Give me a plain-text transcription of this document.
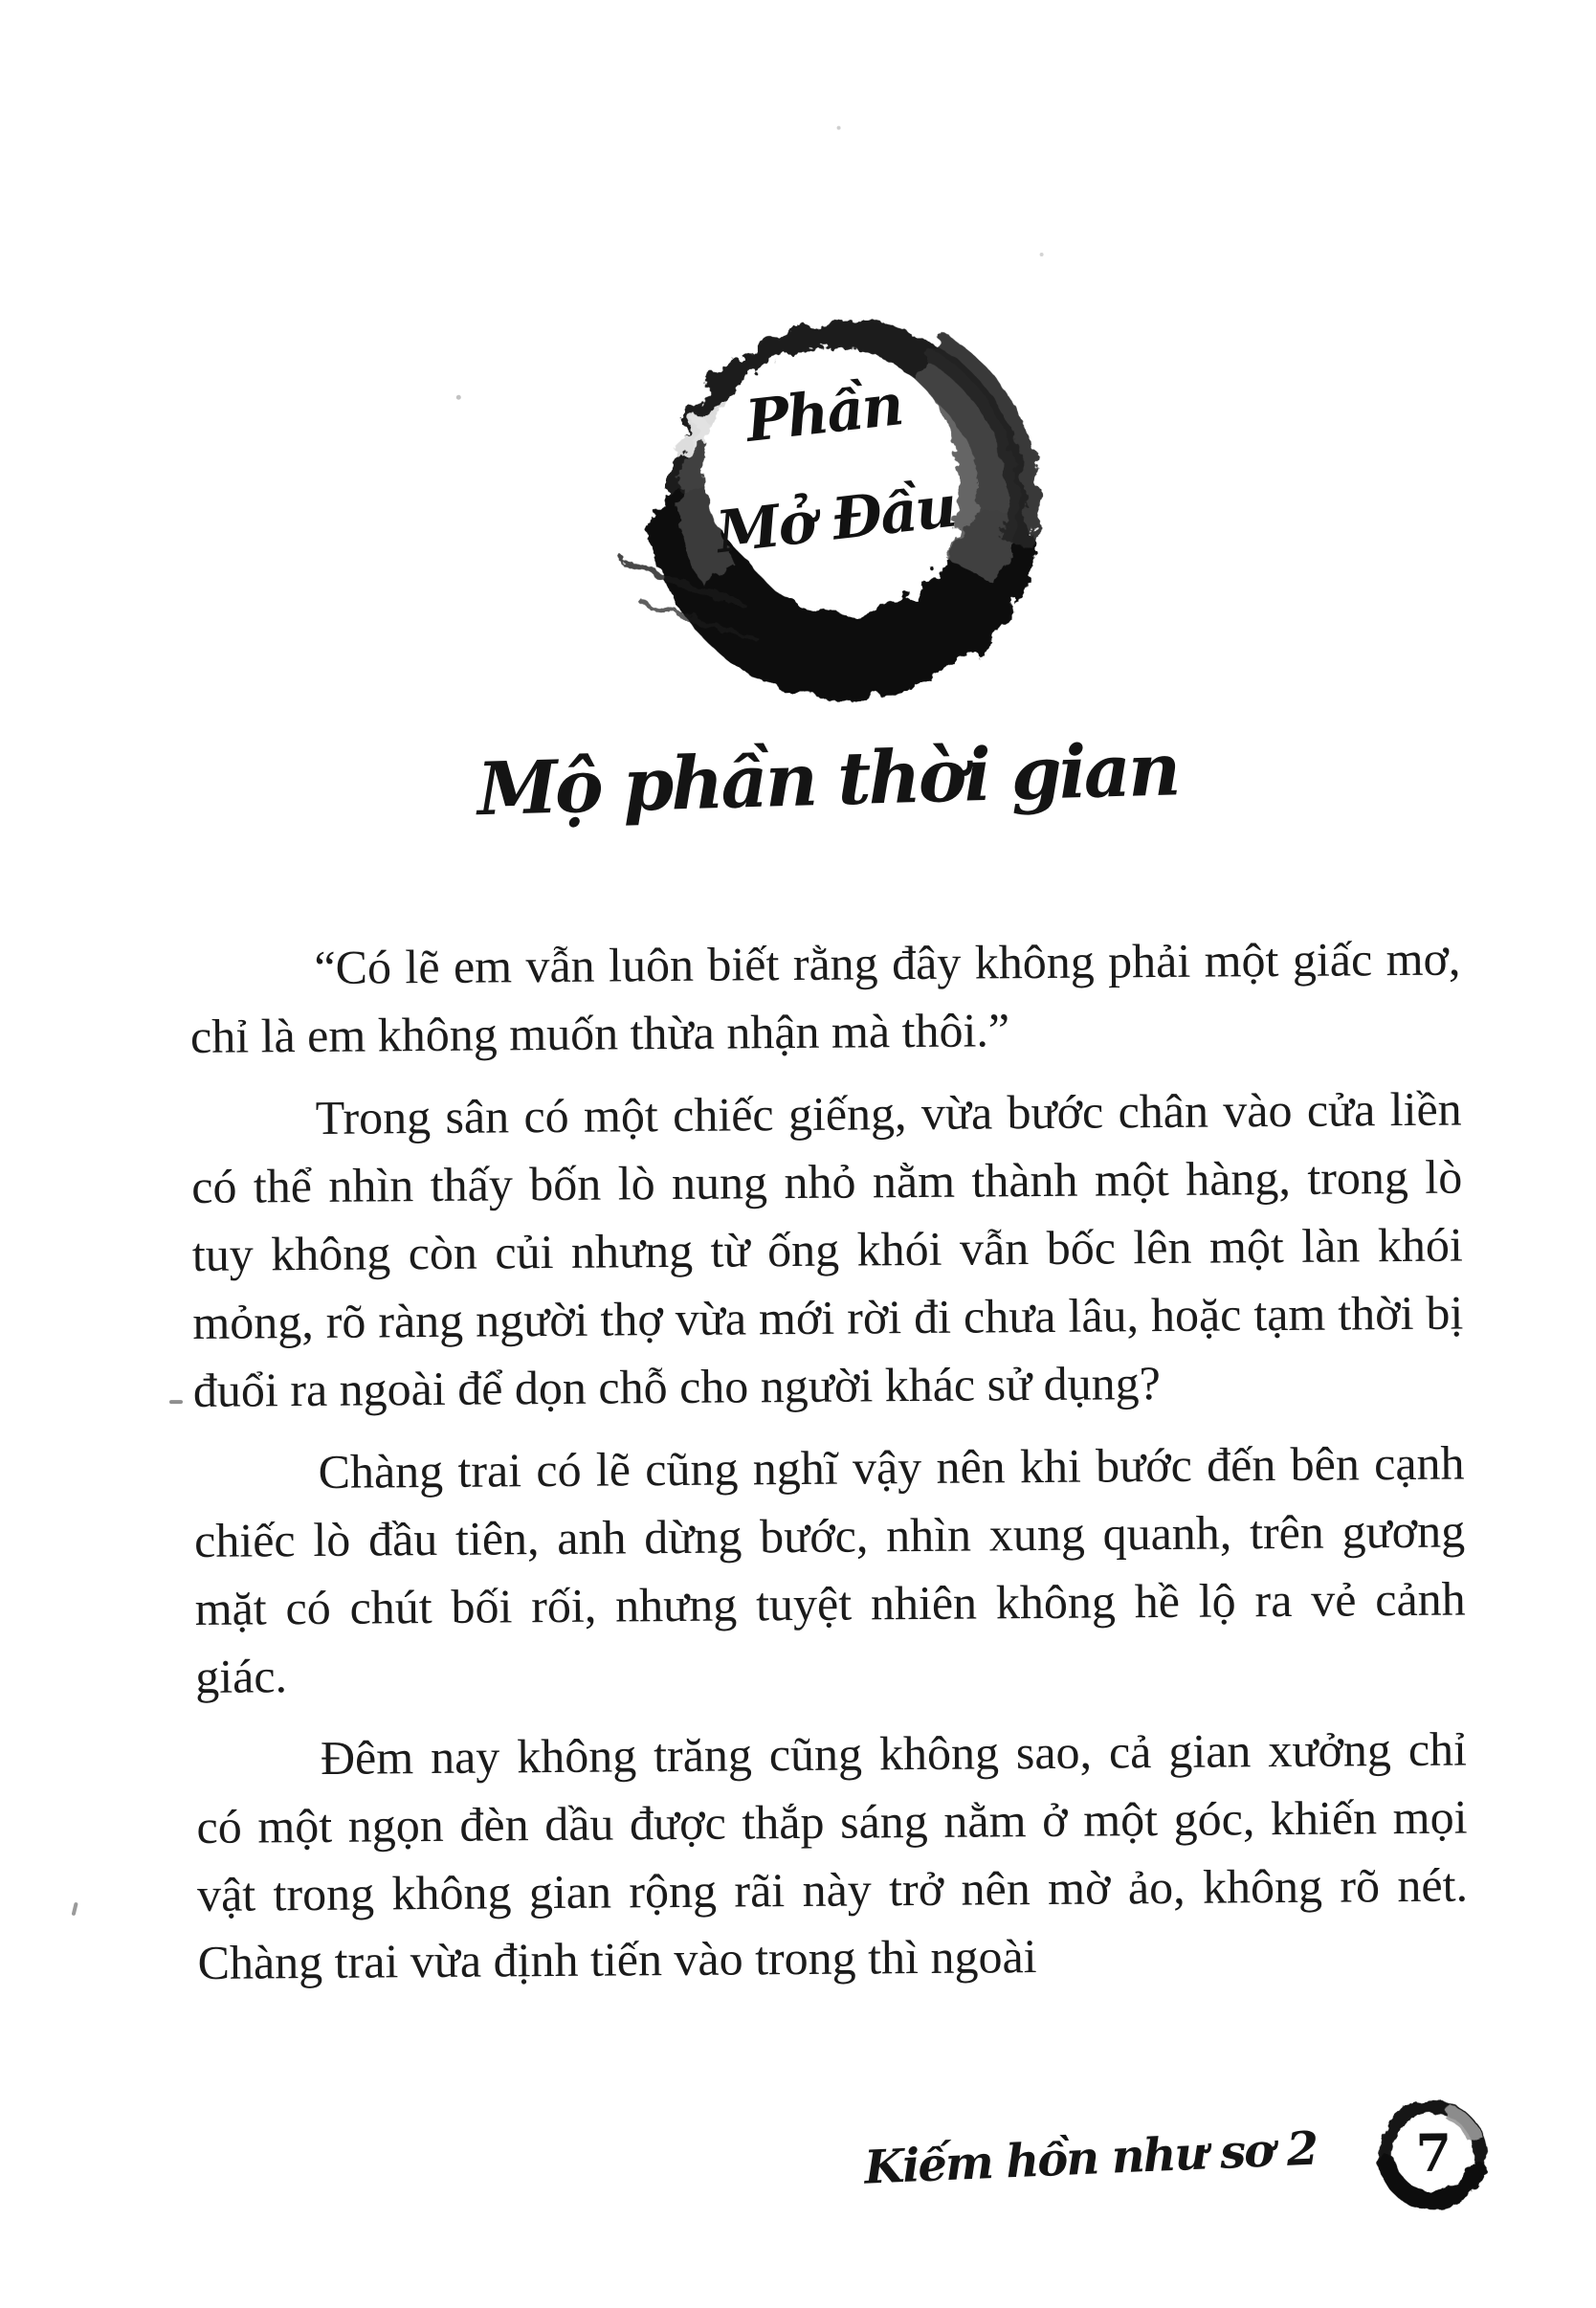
Phần
Mở Đầu
Mộ phần thời gian

“Có lẽ em vẫn luôn biết rằng đây không phải một giấc mơ, chỉ là em không muốn thừa nhận mà thôi.”

Trong sân có một chiếc giếng, vừa bước chân vào cửa liền có thể nhìn thấy bốn lò nung nhỏ nằm thành một hàng, trong lò tuy không còn củi nhưng từ ống khói vẫn bốc lên một làn khói mỏng, rõ ràng người thợ vừa mới rời đi chưa lâu, hoặc tạm thời bị đuổi ra ngoài để dọn chỗ cho người khác sử dụng?

Chàng trai có lẽ cũng nghĩ vậy nên khi bước đến bên cạnh chiếc lò đầu tiên, anh dừng bước, nhìn xung quanh, trên gương mặt có chút bối rối, nhưng tuyệt nhiên không hề lộ ra vẻ cảnh giác.

Đêm nay không trăng cũng không sao, cả gian xưởng chỉ có một ngọn đèn dầu được thắp sáng nằm ở một góc, khiến mọi vật trong không gian rộng rãi này trở nên mờ ảo, không rõ nét. Chàng trai vừa định tiến vào trong thì ngoài

Kiếm hồn như sơ 2	7
